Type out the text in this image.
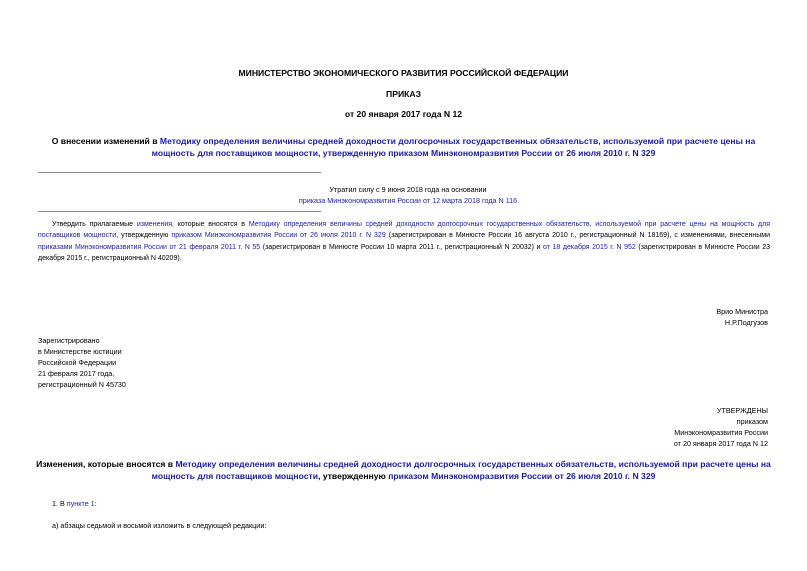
МИНИСТЕРСТВО ЭКОНОМИЧЕСКОГО РАЗВИТИЯ РОССИЙСКОЙ ФЕДЕРАЦИИ
ПРИКАЗ
от 20 января 2017 года N 12
О внесении изменений в Методику определения величины средней доходности долгосрочных государственных обязательств, используемой при расчете цены на мощность для поставщиков мощности, утвержденную приказом Минэкономразвития России от 26 июля 2010 г. N 329
Утратил силу с 9 июня 2018 года на основании
приказа Минэкономразвития России от 12 марта 2018 года N 116
Утвердить прилагаемые изменения, которые вносятся в Методику определения величины средней доходности долгосрочных государственных обязательств, используемой при расчете цены на мощность для поставщиков мощности, утвержденную приказом Минэкономразвития России от 26 июля 2010 г. N 329 (зарегистрирован в Минюсте России 16 августа 2010 г., регистрационный N 18169), с изменениями, внесенными приказами Минэкономразвития России от 21 февраля 2011 г. N 55 (зарегистрирован в Минюсте России 10 марта 2011 г., регистрационный N 20032) и от 18 декабря 2015 г. N 952 (зарегистрирован в Минюсте России 23 декабря 2015 г., регистрационный N 40209).
Врио Министра
Н.Р.Подгузов
Зарегистрировано
в Министерстве юстиции
Российской Федерации
21 февраля 2017 года,
регистрационный N 45730
УТВЕРЖДЕНЫ
приказом
Минэкономразвития России
от 20 января 2017 года N 12
Изменения, которые вносятся в Методику определения величины средней доходности долгосрочных государственных обязательств, используемой при расчете цены на мощность для поставщиков мощности, утвержденную приказом Минэкономразвития России от 26 июля 2010 г. N 329
1. В пункте 1:
а) абзацы седьмой и восьмой изложить в следующей редакции:
